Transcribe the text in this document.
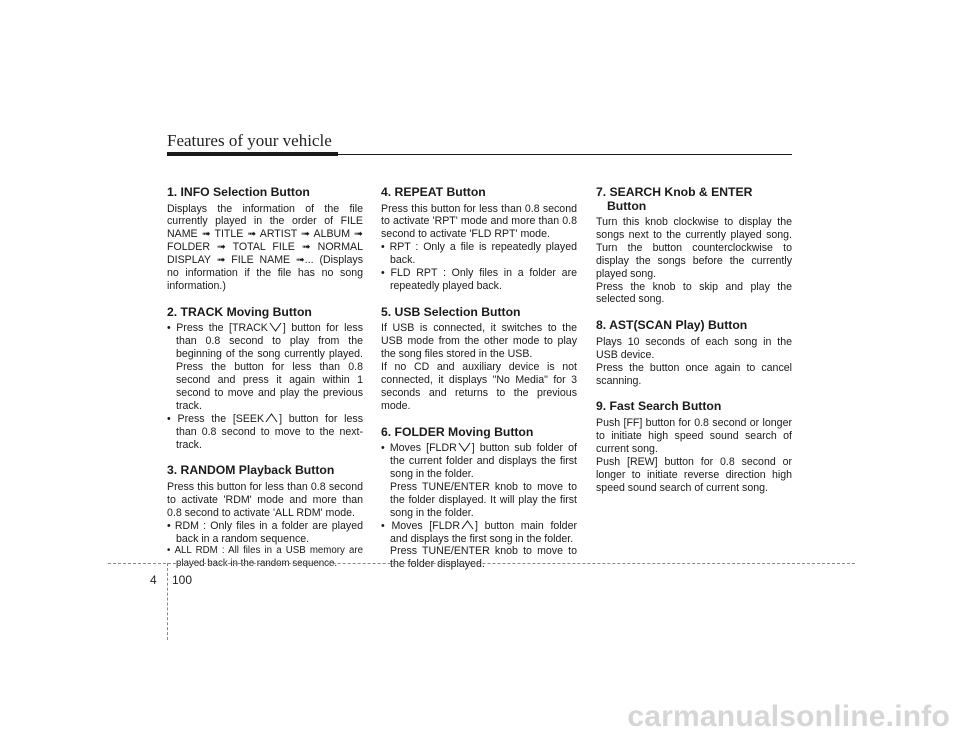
Features of your vehicle
1. INFO Selection Button

Displays the information of the file currently played in the order of FILE NAME ➟ TITLE ➟ ARTIST ➟ ALBUM ➟ FOLDER ➟ TOTAL FILE ➟ NORMAL DISPLAY ➟ FILE NAME ➟... (Displays no information if the file has no song information.)

2. TRACK Moving Button
• Press the [TRACK ] button for less than 0.8 second to play from the beginning of the song currently played. Press the button for less than 0.8 second and press it again within 1 second to move and play the previous track.
• Press the [SEEK ] button for less than 0.8 second to move to the next-track.
3. RANDOM Playback Button

Press this button for less than 0.8 second to activate 'RDM' mode and more than 0.8 second to activate 'ALL RDM' mode.

• RDM : Only files in a folder are played back in a random sequence.
• ALL RDM : All files in a USB memory are played back in the random sequence.
4. REPEAT Button

Press this button for less than 0.8 second to activate 'RPT' mode and more than 0.8 second to activate 'FLD RPT' mode.

• RPT : Only a file is repeatedly played back.
• FLD RPT : Only files in a folder are repeatedly played back.
5. USB Selection Button

If USB is connected, it switches to the USB mode from the other mode to play the song files stored in the USB.

If no CD and auxiliary device is not connected, it displays "No Media" for 3 seconds and returns to the previous mode.

6. FOLDER Moving Button
• Moves [FLDR ] button sub folder of the current folder and displays the first song in the folder.

Press TUNE/ENTER knob to move to the folder displayed. It will play the first song in the folder.

• Moves [FLDR ] button main folder and displays the first song in the folder.

Press TUNE/ENTER knob to move to the folder displayed.

7. SEARCH Knob & ENTER Button

Turn this knob clockwise to display the songs next to the currently played song. Turn the button counterclockwise to display the songs before the currently played song.

Press the knob to skip and play the selected song.

8. AST(SCAN Play) Button

Plays 10 seconds of each song in the USB device.

Press the button once again to cancel scanning.

9. Fast Search Button

Push [FF] button for 0.8 second or longer to initiate high speed sound search of current song.

Push [REW] button for 0.8 second or longer to initiate reverse direction high speed sound search of current song.

4 100
carmanualsonline.info
